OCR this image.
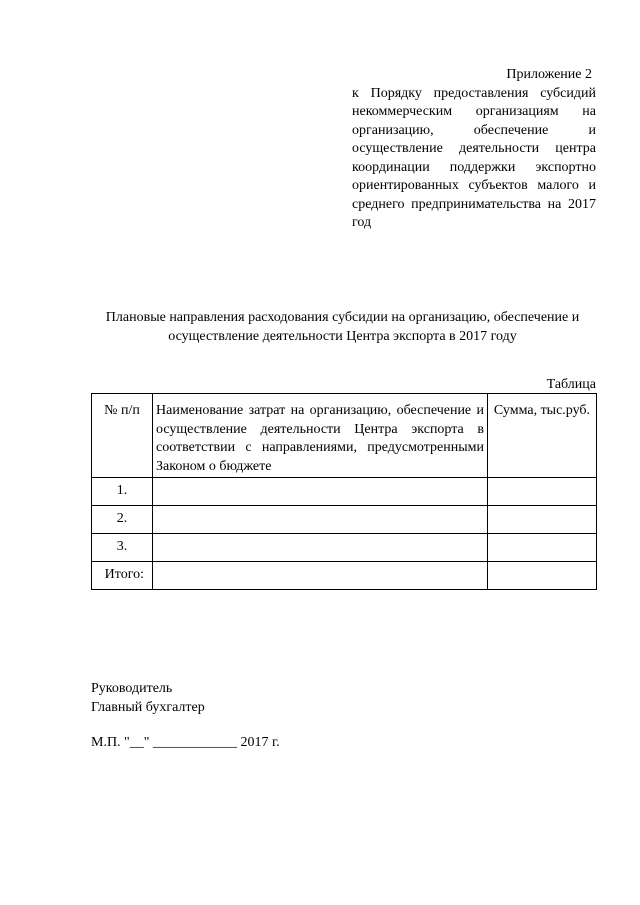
Приложение 2
к Порядку предоставления субсидий некоммерческим организациям на организацию, обеспечение и осуществление деятельности центра координации поддержки экспортно ориентированных субъектов малого и среднего предпринимательства на 2017 год
Плановые направления расходования субсидии на организацию, обеспечение и осуществление деятельности Центра экспорта в 2017 году
Таблица
№ п/п	Наименование затрат на организацию, обеспечение и осуществление деятельности Центра экспорта в соответствии с направлениями, предусмотренными Законом о бюджете	Сумма, тыс.руб.
1.		
2.		
3.		
Итого:		
Руководитель
Главный бухгалтер
М.П. "__" ____________ 2017 г.
